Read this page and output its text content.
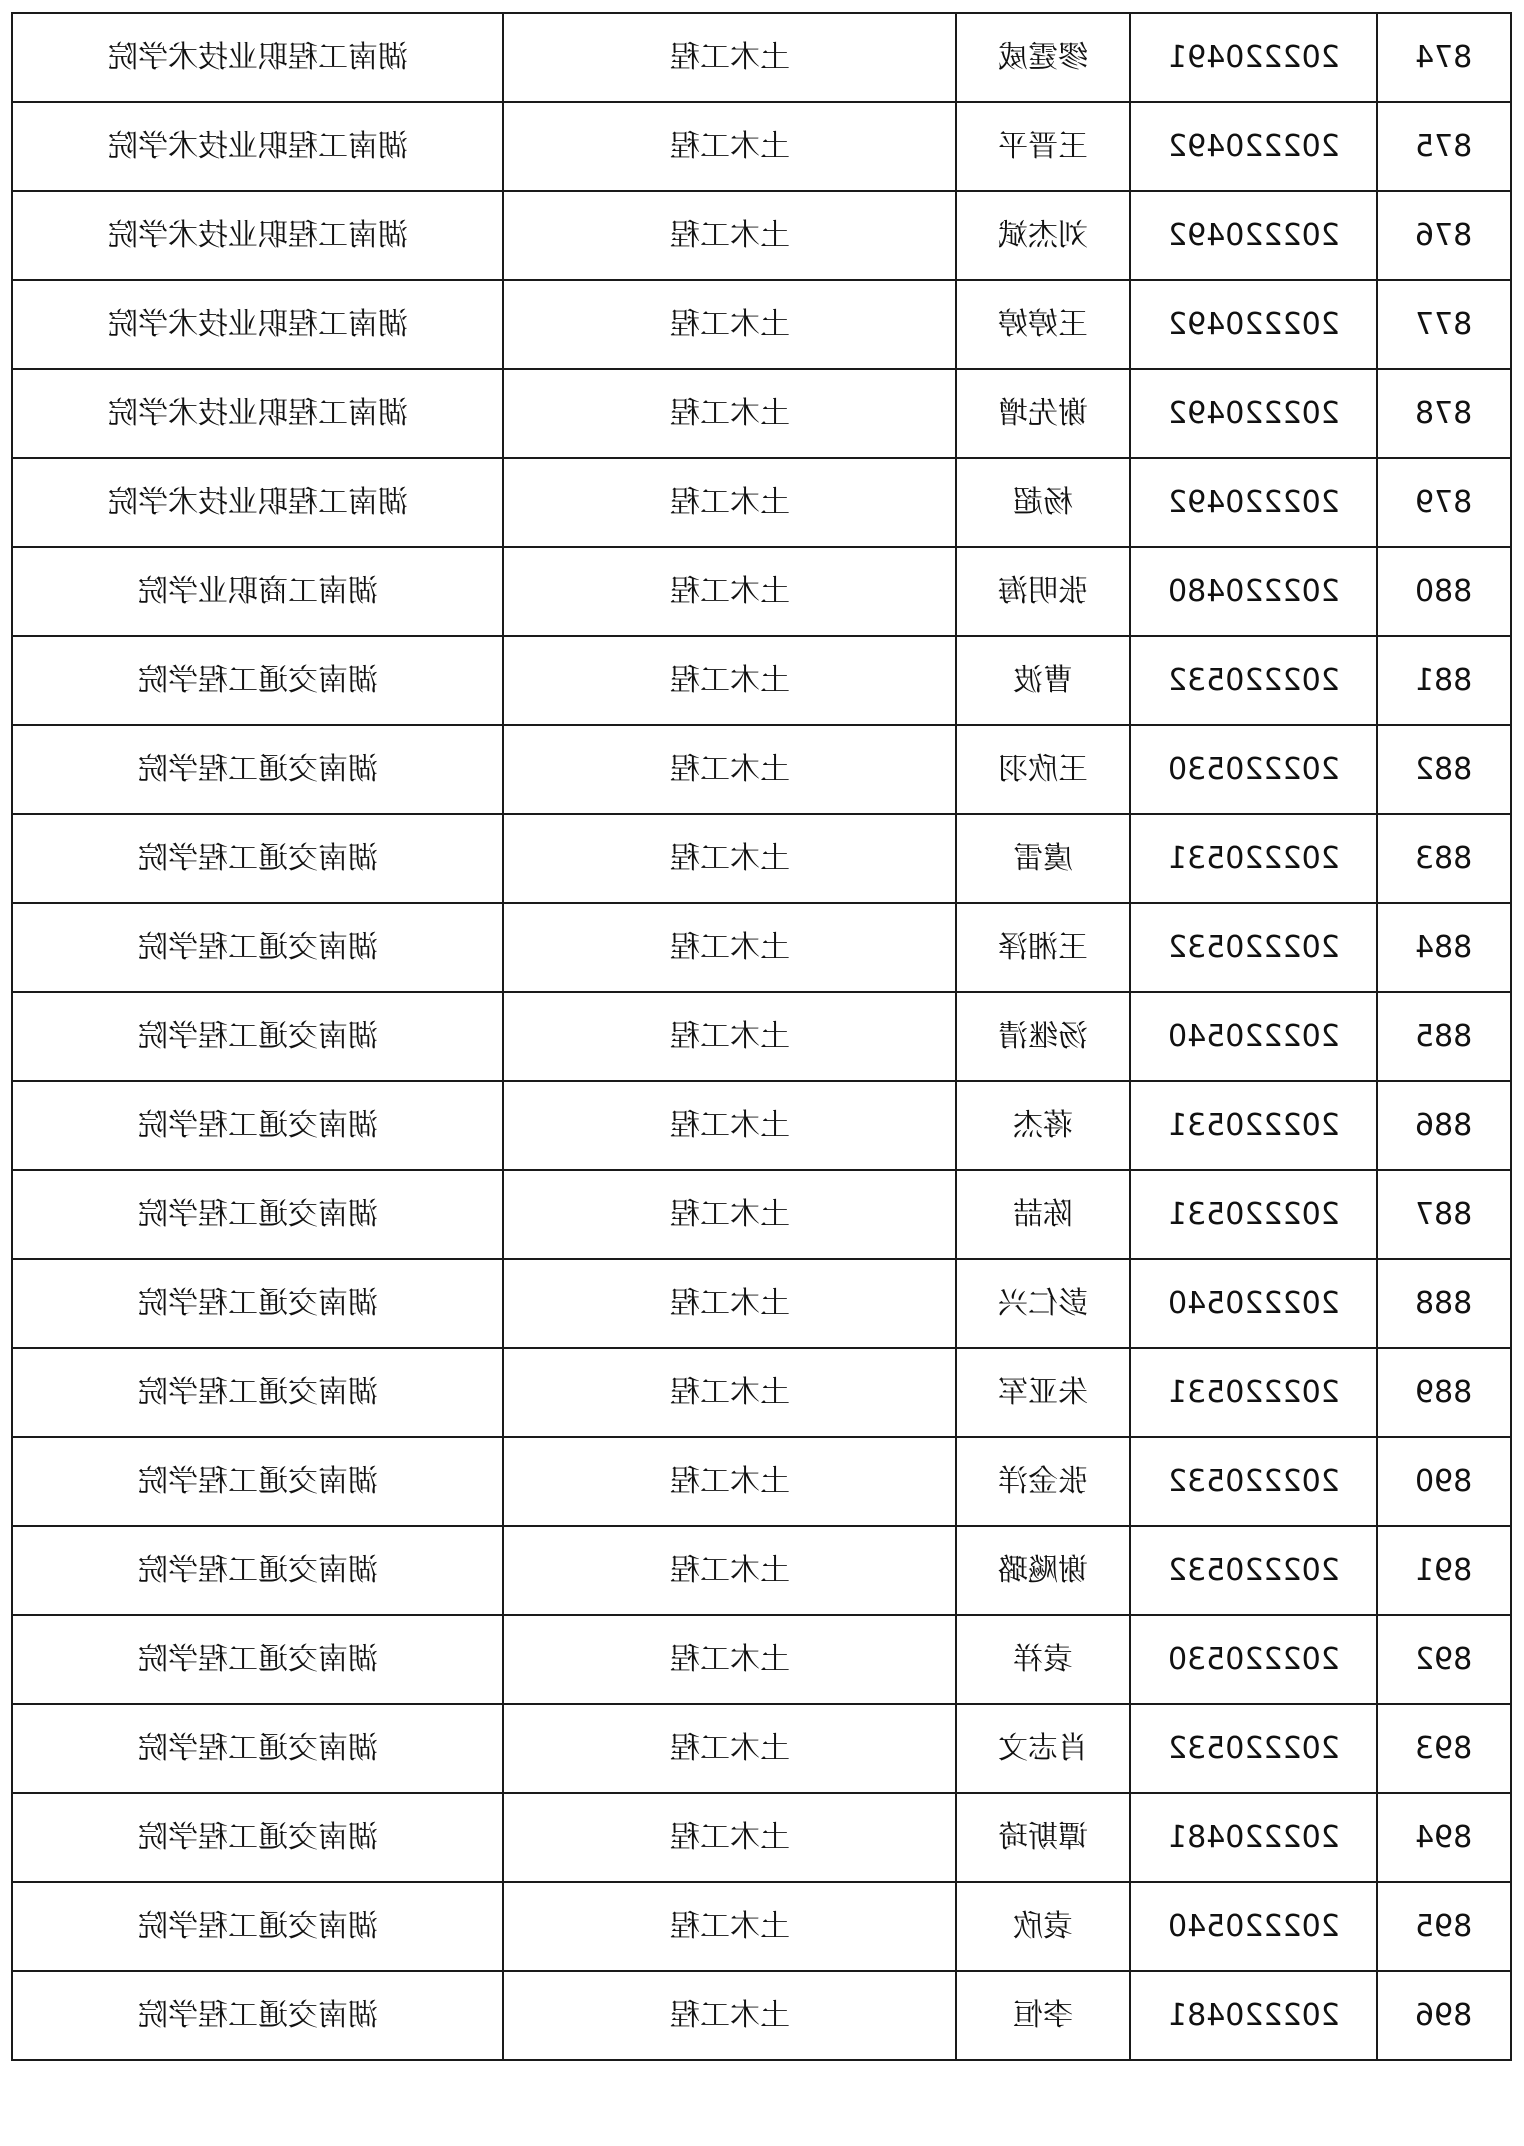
湖南工程职业技术学院	土木工程	缪霆威	202220491	874
湖南工程职业技术学院	土木工程	王晋平	202220492	875
湖南工程职业技术学院	土木工程	刘杰斌	202220492	876
湖南工程职业技术学院	土木工程	王婷婷	202220492	877
湖南工程职业技术学院	土木工程	谢先增	202220492	878
湖南工程职业技术学院	土木工程	杨超	202220492	879
湖南工商职业学院	土木工程	张明海	202220480	880
湖南交通工程学院	土木工程	曹波	202220532	881
湖南交通工程学院	土木工程	王欣羽	202220530	882
湖南交通工程学院	土木工程	虞雷	202220531	883
湖南交通工程学院	土木工程	王湘泽	202220532	884
湖南交通工程学院	土木工程	汤继清	202220540	885
湖南交通工程学院	土木工程	蒋杰	202220531	886
湖南交通工程学院	土木工程	陈喆	202220531	887
湖南交通工程学院	土木工程	彭仁兴	202220540	888
湖南交通工程学院	土木工程	朱亚军	202220531	889
湖南交通工程学院	土木工程	张金洋	202220532	890
湖南交通工程学院	土木工程	谢飚璐	202220532	891
湖南交通工程学院	土木工程	袁祥	202220530	892
湖南交通工程学院	土木工程	肖志文	202220532	893
湖南交通工程学院	土木工程	谭斯琦	202220481	894
湖南交通工程学院	土木工程	袁欣	202220540	895
湖南交通工程学院	土木工程	李恒	202220481	896
